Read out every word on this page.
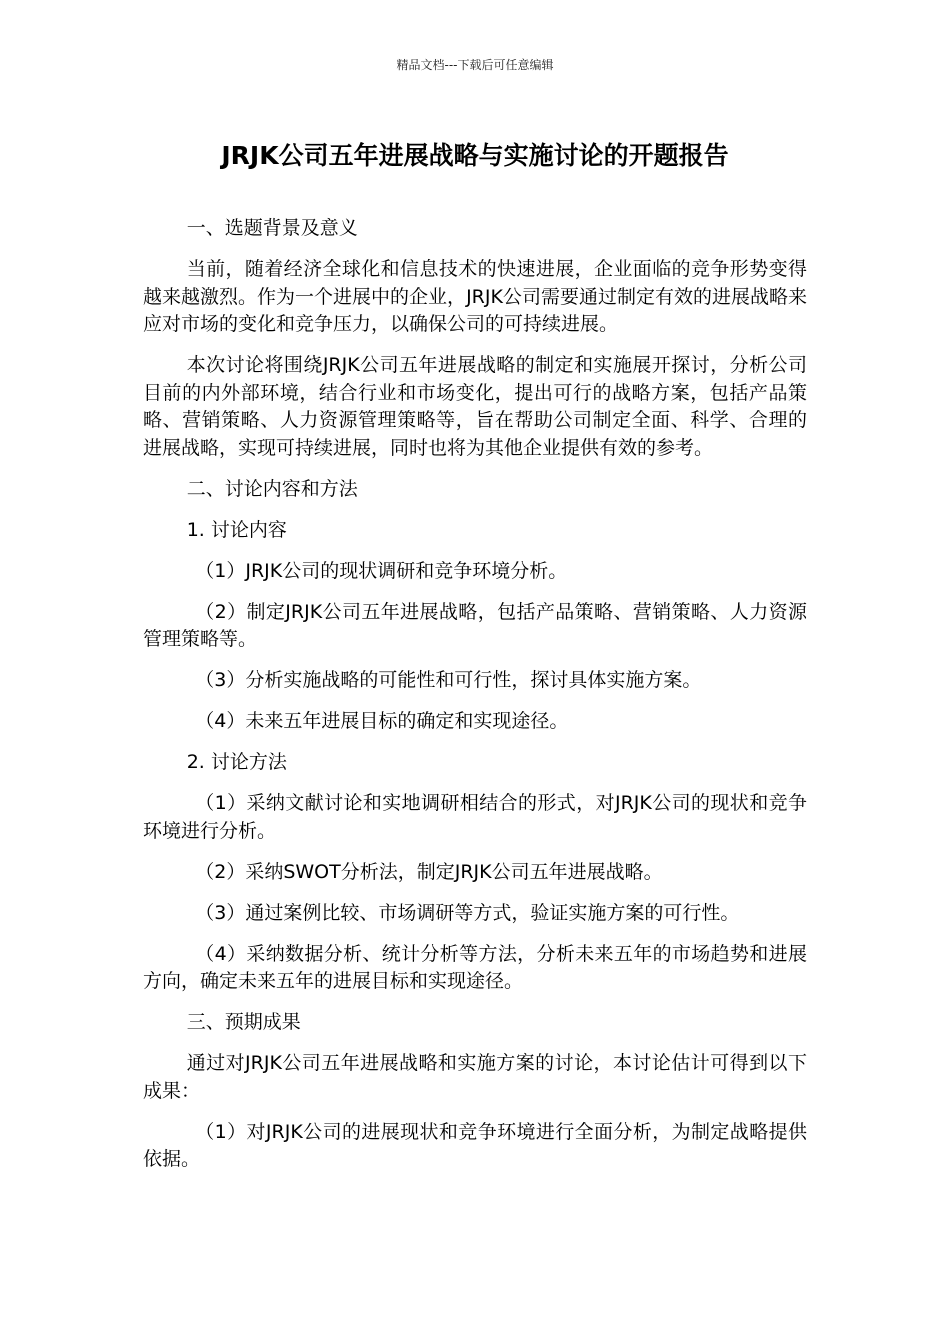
精品文档---下载后可任意编辑
JRJK公司五年进展战略与实施讨论的开题报告

一、选题背景及意义

当前，随着经济全球化和信息技术的快速进展，企业面临的竞争形势变得越来越激烈。作为一个进展中的企业，JRJK公司需要通过制定有效的进展战略来应对市场的变化和竞争压力，以确保公司的可持续进展。

本次讨论将围绕JRJK公司五年进展战略的制定和实施展开探讨，分析公司目前的内外部环境，结合行业和市场变化，提出可行的战略方案，包括产品策略、营销策略、人力资源管理策略等，旨在帮助公司制定全面、科学、合理的进展战略，实现可持续进展，同时也将为其他企业提供有效的参考。

二、讨论内容和方法

1. 讨论内容

（1）JRJK公司的现状调研和竞争环境分析。

（2）制定JRJK公司五年进展战略，包括产品策略、营销策略、人力资源管理策略等。

（3）分析实施战略的可能性和可行性，探讨具体实施方案。

（4）未来五年进展目标的确定和实现途径。

2. 讨论方法

（1）采纳文献讨论和实地调研相结合的形式，对JRJK公司的现状和竞争环境进行分析。

（2）采纳SWOT分析法，制定JRJK公司五年进展战略。

（3）通过案例比较、市场调研等方式，验证实施方案的可行性。

（4）采纳数据分析、统计分析等方法，分析未来五年的市场趋势和进展方向，确定未来五年的进展目标和实现途径。

三、预期成果

通过对JRJK公司五年进展战略和实施方案的讨论，本讨论估计可得到以下成果：

（1）对JRJK公司的进展现状和竞争环境进行全面分析，为制定战略提供依据。
